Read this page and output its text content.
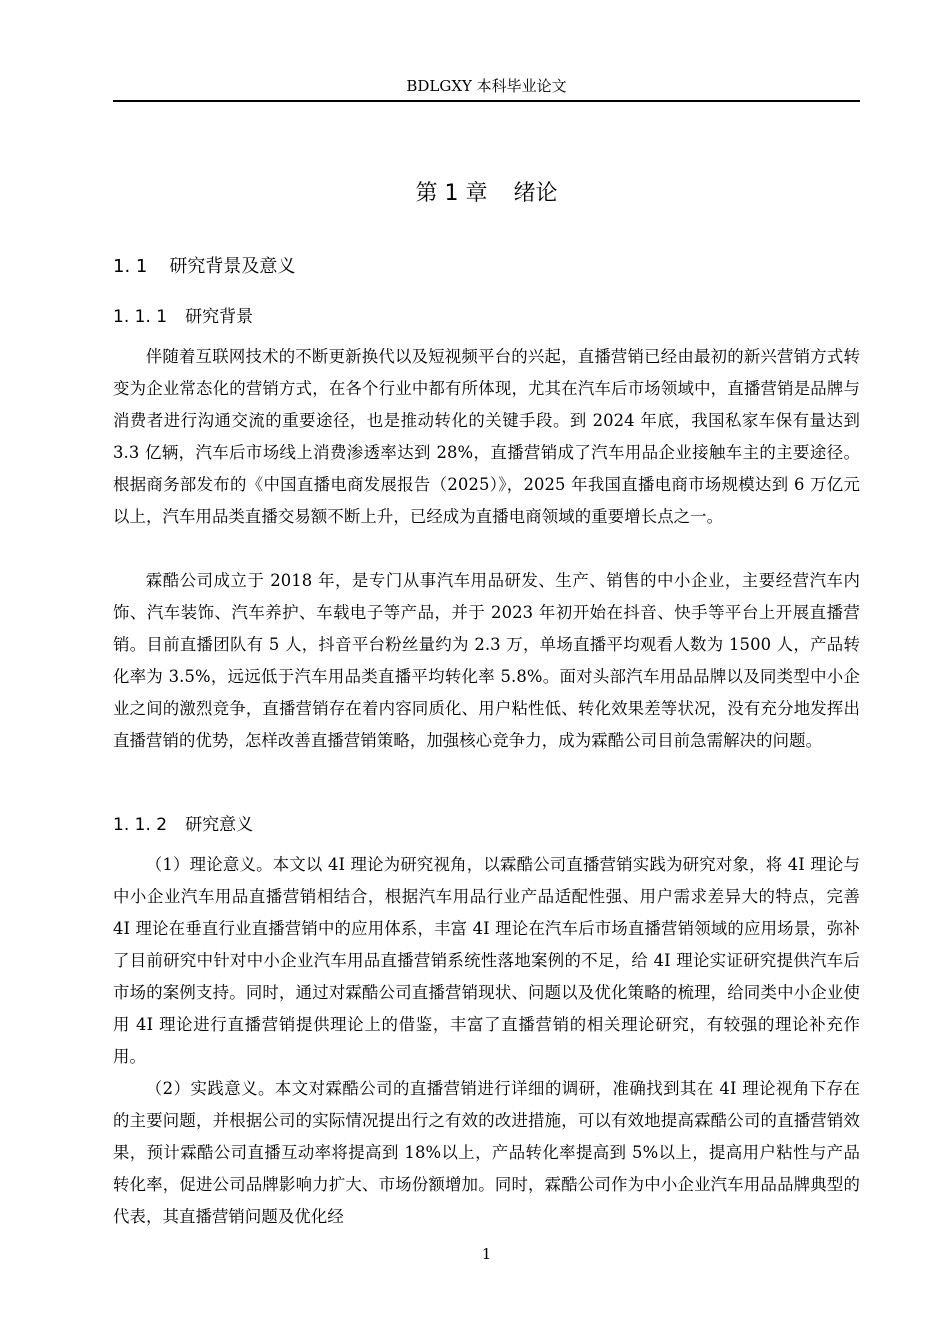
BDLGXY 本科毕业论文
第 1 章 绪论
1. 1 研究背景及意义
1. 1. 1 研究背景

伴随着互联网技术的不断更新换代以及短视频平台的兴起，直播营销已经由最初的新兴营销方式转变为企业常态化的营销方式，在各个行业中都有所体现，尤其在汽车后市场领域中，直播营销是品牌与消费者进行沟通交流的重要途径，也是推动转化的关键手段。到 2024 年底，我国私家车保有量达到 3.3 亿辆，汽车后市场线上消费渗透率达到 28%，直播营销成了汽车用品企业接触车主的主要途径。根据商务部发布的《中国直播电商发展报告（2025）》，2025 年我国直播电商市场规模达到 6 万亿元以上，汽车用品类直播交易额不断上升，已经成为直播电商领域的重要增长点之一。

霖酷公司成立于 2018 年，是专门从事汽车用品研发、生产、销售的中小企业，主要经营汽车内饰、汽车装饰、汽车养护、车载电子等产品，并于 2023 年初开始在抖音、快手等平台上开展直播营销。目前直播团队有 5 人，抖音平台粉丝量约为 2.3 万，单场直播平均观看人数为 1500 人，产品转化率为 3.5%，远远低于汽车用品类直播平均转化率 5.8%。面对头部汽车用品品牌以及同类型中小企业之间的激烈竞争，直播营销存在着内容同质化、用户粘性低、转化效果差等状况，没有充分地发挥出直播营销的优势，怎样改善直播营销策略，加强核心竞争力，成为霖酷公司目前急需解决的问题。

1. 1. 2 研究意义

（1）理论意义。本文以 4I 理论为研究视角，以霖酷公司直播营销实践为研究对象，将 4I 理论与中小企业汽车用品直播营销相结合，根据汽车用品行业产品适配性强、用户需求差异大的特点，完善 4I 理论在垂直行业直播营销中的应用体系，丰富 4I 理论在汽车后市场直播营销领域的应用场景，弥补了目前研究中针对中小企业汽车用品直播营销系统性落地案例的不足，给 4I 理论实证研究提供汽车后市场的案例支持。同时，通过对霖酷公司直播营销现状、问题以及优化策略的梳理，给同类中小企业使用 4I 理论进行直播营销提供理论上的借鉴，丰富了直播营销的相关理论研究，有较强的理论补充作用。

（2）实践意义。本文对霖酷公司的直播营销进行详细的调研，准确找到其在 4I 理论视角下存在的主要问题，并根据公司的实际情况提出行之有效的改进措施，可以有效地提高霖酷公司的直播营销效果，预计霖酷公司直播互动率将提高到 18%以上，产品转化率提高到 5%以上，提高用户粘性与产品转化率，促进公司品牌影响力扩大、市场份额增加。同时，霖酷公司作为中小企业汽车用品品牌典型的代表，其直播营销问题及优化经

1
